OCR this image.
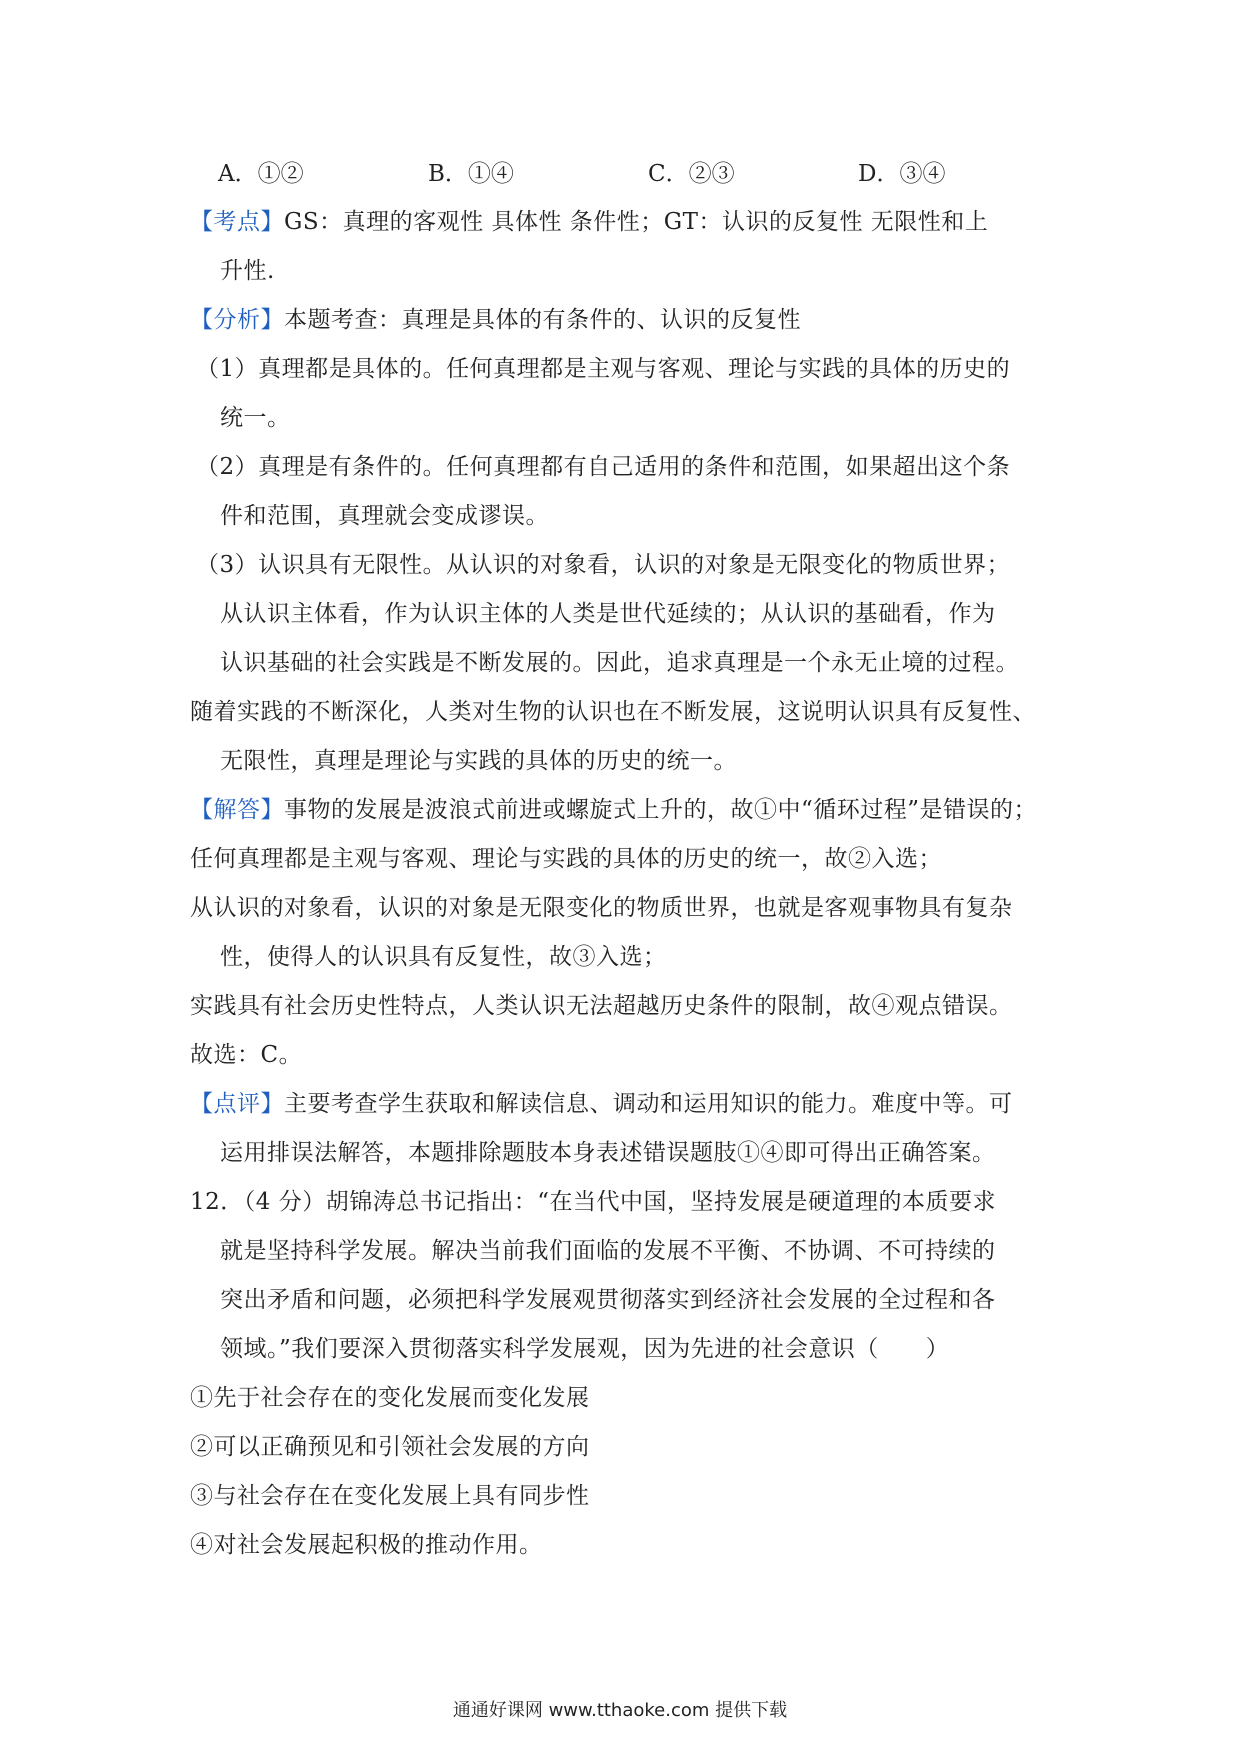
A．①②	B．①④	C．②③	D．③④
【考点】GS：真理的客观性 具体性 条件性；GT：认识的反复性 无限性和上
升性.
【分析】本题考查：真理是具体的有条件的、认识的反复性
（1）真理都是具体的。任何真理都是主观与客观、理论与实践的具体的历史的
统一。
（2）真理是有条件的。任何真理都有自己适用的条件和范围，如果超出这个条
件和范围，真理就会变成谬误。
（3）认识具有无限性。从认识的对象看，认识的对象是无限变化的物质世界；
从认识主体看，作为认识主体的人类是世代延续的；从认识的基础看，作为
认识基础的社会实践是不断发展的。因此，追求真理是一个永无止境的过程。
随着实践的不断深化，人类对生物的认识也在不断发展，这说明认识具有反复性、
无限性，真理是理论与实践的具体的历史的统一。
【解答】事物的发展是波浪式前进或螺旋式上升的，故①中“循环过程”是错误的；
任何真理都是主观与客观、理论与实践的具体的历史的统一，故②入选；
从认识的对象看，认识的对象是无限变化的物质世界，也就是客观事物具有复杂
性，使得人的认识具有反复性，故③入选；
实践具有社会历史性特点，人类认识无法超越历史条件的限制，故④观点错误。
故选：C。
【点评】主要考查学生获取和解读信息、调动和运用知识的能力。难度中等。可
运用排误法解答，本题排除题肢本身表述错误题肢①④即可得出正确答案。
12．（4 分）胡锦涛总书记指出：“在当代中国，坚持发展是硬道理的本质要求
就是坚持科学发展。解决当前我们面临的发展不平衡、不协调、不可持续的
突出矛盾和问题，必须把科学发展观贯彻落实到经济社会发展的全过程和各
领域。”我们要深入贯彻落实科学发展观，因为先进的社会意识（　　）
①先于社会存在的变化发展而变化发展
②可以正确预见和引领社会发展的方向
③与社会存在在变化发展上具有同步性
④对社会发展起积极的推动作用。
通通好课网 www.tthaoke.com 提供下载
